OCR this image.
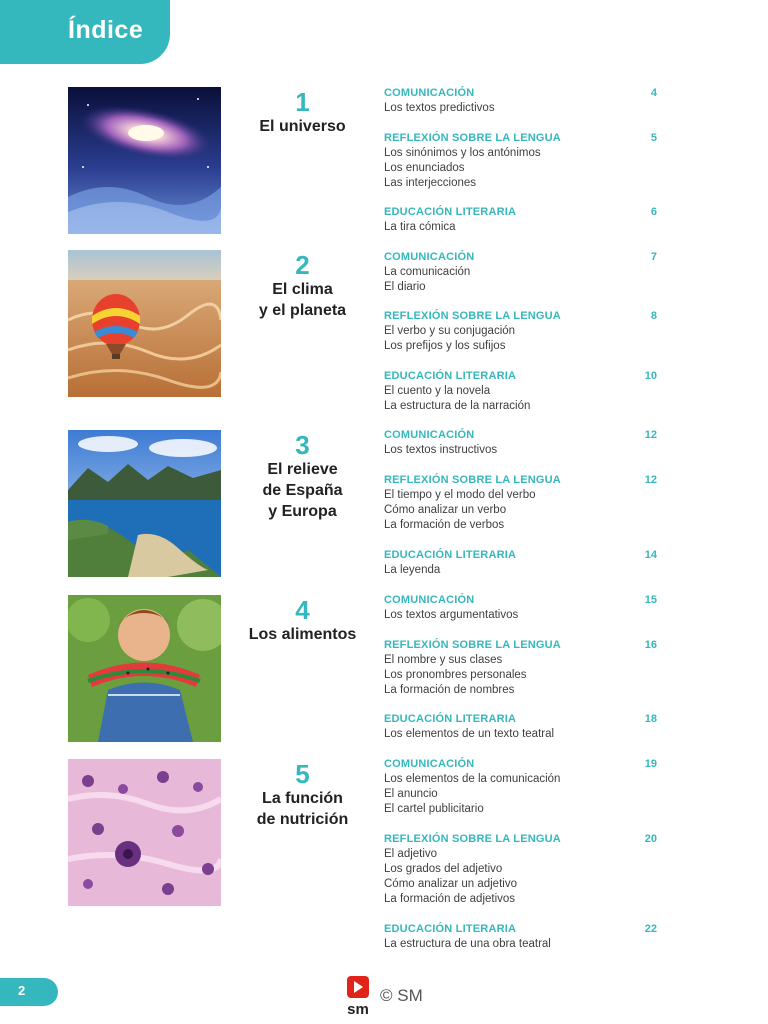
Índice
1
El universo
2
El clima
y el planeta
3
El relieve
de España
y Europa
4
Los alimentos
5
La función
de nutrición
COMUNICACIÓN	4
Los textos predictivos
REFLEXIÓN SOBRE LA LENGUA	5
Los sinónimos y los antónimos
Los enunciados
Las interjecciones
EDUCACIÓN LITERARIA	6
La tira cómica
COMUNICACIÓN	7
La comunicación
El diario
REFLEXIÓN SOBRE LA LENGUA	8
El verbo y su conjugación
Los prefijos y los sufijos
EDUCACIÓN LITERARIA	10
El cuento y la novela
La estructura de la narración
COMUNICACIÓN	12
Los textos instructivos
REFLEXIÓN SOBRE LA LENGUA	12
El tiempo y el modo del verbo
Cómo analizar un verbo
La formación de verbos
EDUCACIÓN LITERARIA	14
La leyenda
COMUNICACIÓN	15
Los textos argumentativos
REFLEXIÓN SOBRE LA LENGUA	16
El nombre y sus clases
Los pronombres personales
La formación de nombres
EDUCACIÓN LITERARIA	18
Los elementos de un texto teatral
COMUNICACIÓN	19
Los elementos de la comunicación
El anuncio
El cartel publicitario
REFLEXIÓN SOBRE LA LENGUA	20
El adjetivo
Los grados del adjetivo
Cómo analizar un adjetivo
La formación de adjetivos
EDUCACIÓN LITERARIA	22
La estructura de una obra teatral
2
sm
© SM
